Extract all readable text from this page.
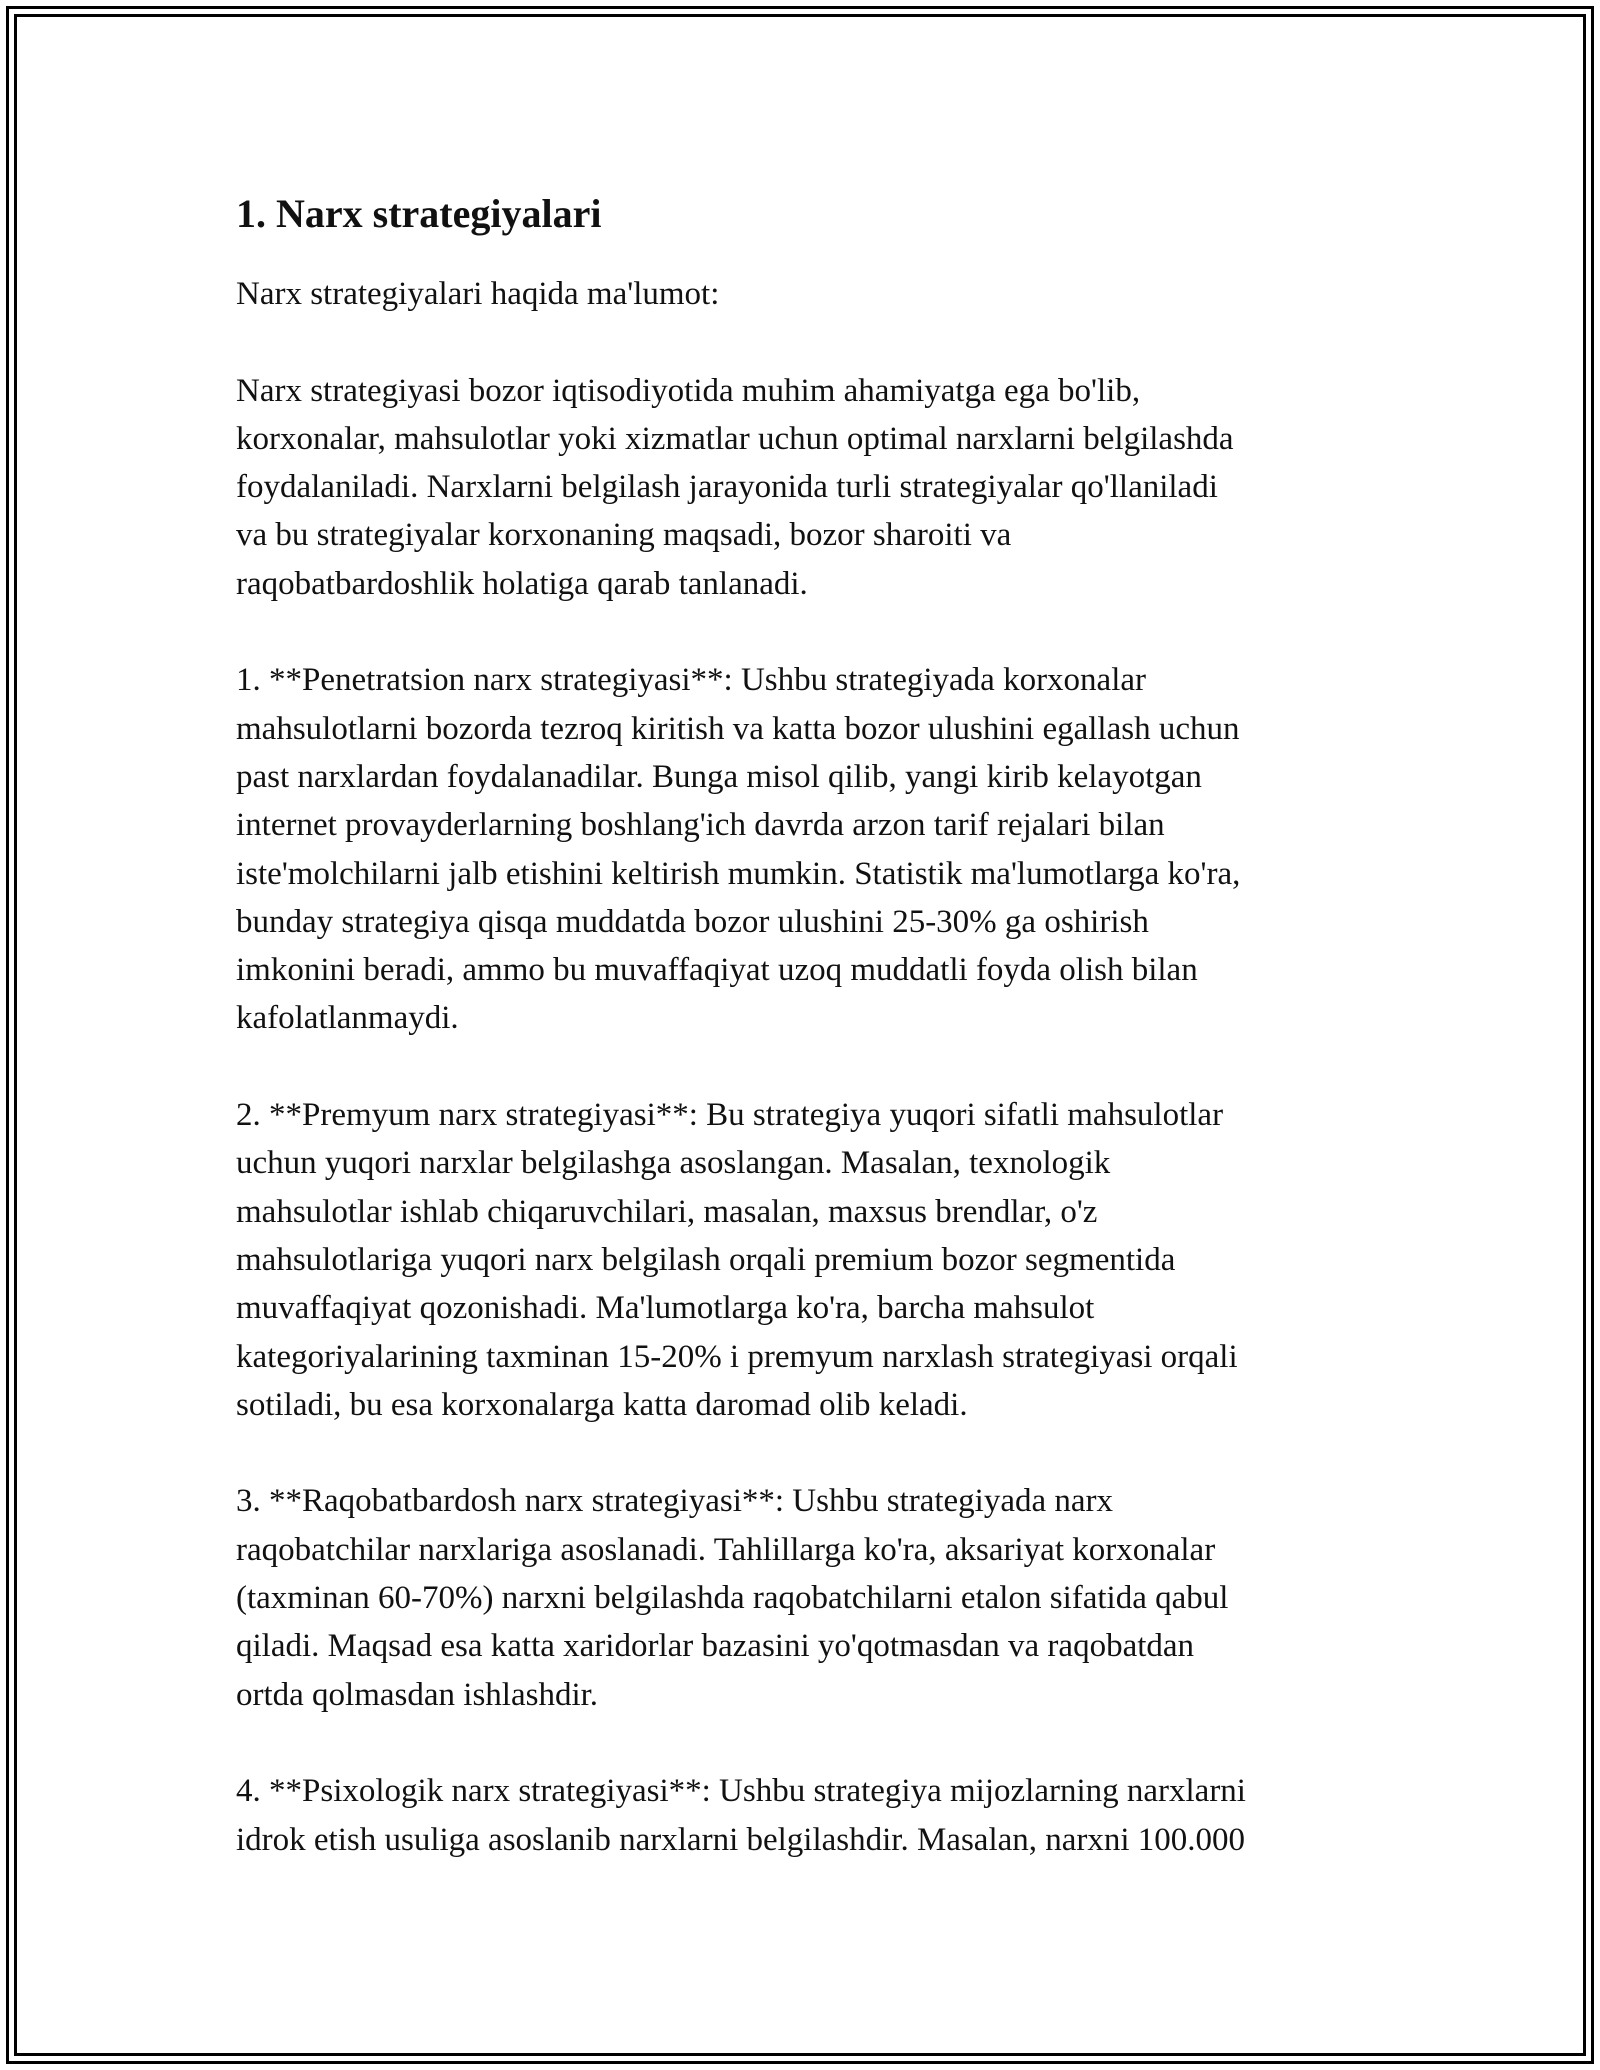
1. Narx strategiyalari

Narx strategiyalari haqida ma'lumot:

Narx strategiyasi bozor iqtisodiyotida muhim ahamiyatga ega bo'lib,
korxonalar, mahsulotlar yoki xizmatlar uchun optimal narxlarni belgilashda
foydalaniladi. Narxlarni belgilash jarayonida turli strategiyalar qo'llaniladi
va bu strategiyalar korxonaning maqsadi, bozor sharoiti va
raqobatbardoshlik holatiga qarab tanlanadi.

1. **Penetratsion narx strategiyasi**: Ushbu strategiyada korxonalar
mahsulotlarni bozorda tezroq kiritish va katta bozor ulushini egallash uchun
past narxlardan foydalanadilar. Bunga misol qilib, yangi kirib kelayotgan
internet provayderlarning boshlang'ich davrda arzon tarif rejalari bilan
iste'molchilarni jalb etishini keltirish mumkin. Statistik ma'lumotlarga ko'ra,
bunday strategiya qisqa muddatda bozor ulushini 25-30% ga oshirish
imkonini beradi, ammo bu muvaffaqiyat uzoq muddatli foyda olish bilan
kafolatlanmaydi.

2. **Premyum narx strategiyasi**: Bu strategiya yuqori sifatli mahsulotlar
uchun yuqori narxlar belgilashga asoslangan. Masalan, texnologik
mahsulotlar ishlab chiqaruvchilari, masalan, maxsus brendlar, o'z
mahsulotlariga yuqori narx belgilash orqali premium bozor segmentida
muvaffaqiyat qozonishadi. Ma'lumotlarga ko'ra, barcha mahsulot
kategoriyalarining taxminan 15-20% i premyum narxlash strategiyasi orqali
sotiladi, bu esa korxonalarga katta daromad olib keladi.

3. **Raqobatbardosh narx strategiyasi**: Ushbu strategiyada narx
raqobatchilar narxlariga asoslanadi. Tahlillarga ko'ra, aksariyat korxonalar
(taxminan 60-70%) narxni belgilashda raqobatchilarni etalon sifatida qabul
qiladi. Maqsad esa katta xaridorlar bazasini yo'qotmasdan va raqobatdan
ortda qolmasdan ishlashdir.

4. **Psixologik narx strategiyasi**: Ushbu strategiya mijozlarning narxlarni
idrok etish usuliga asoslanib narxlarni belgilashdir. Masalan, narxni 100.000
